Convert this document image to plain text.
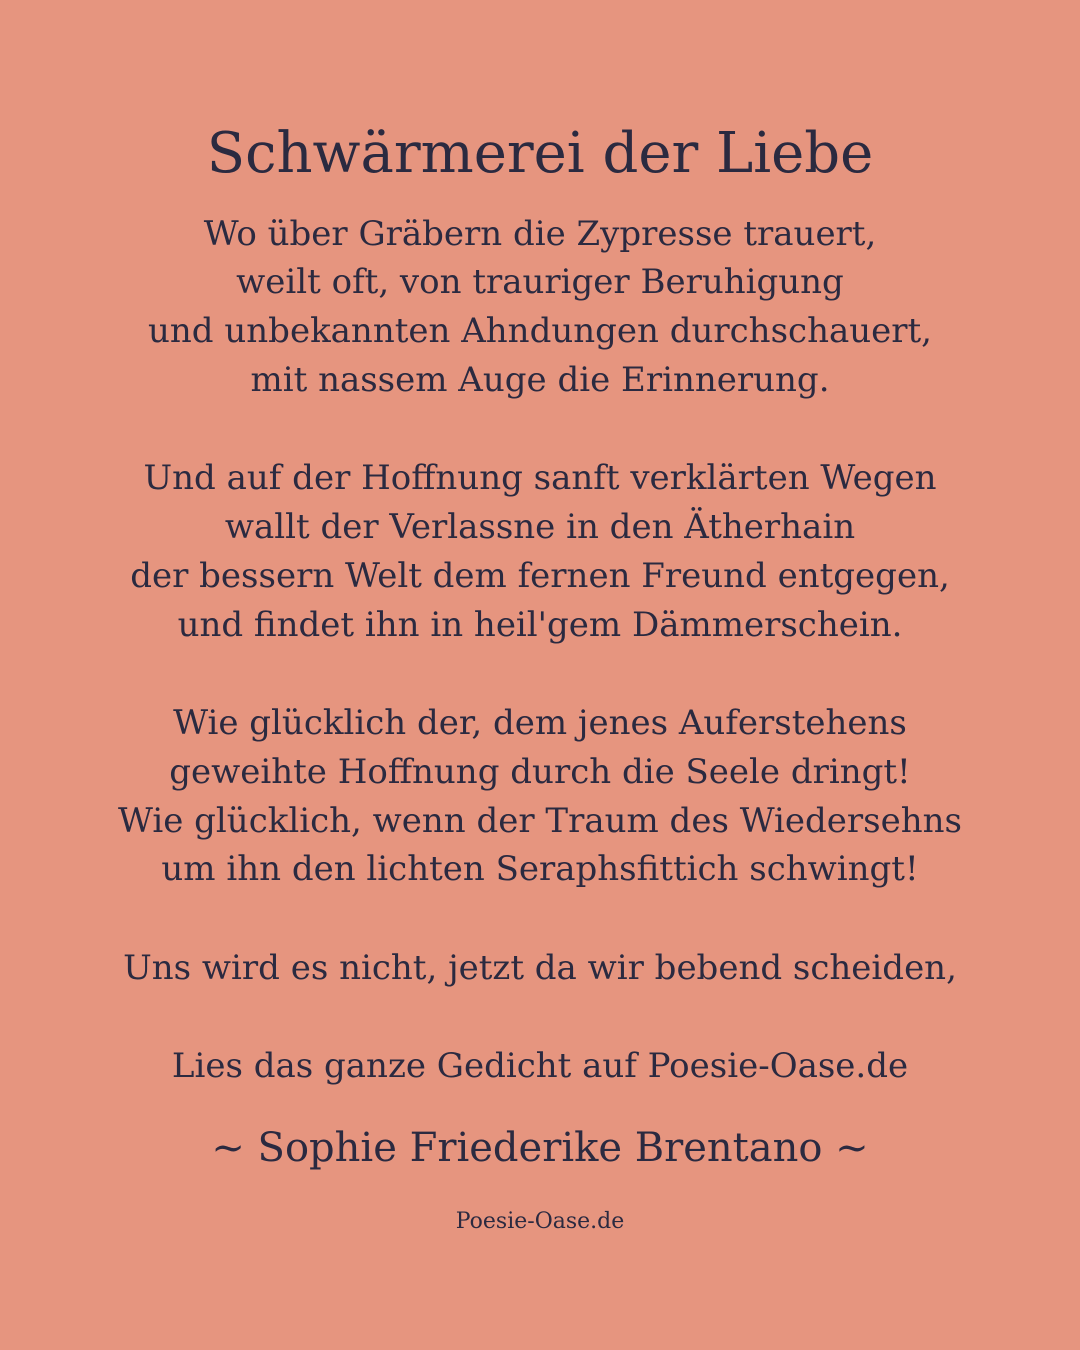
Schwärmerei der Liebe
Wo über Gräbern die Zypresse trauert,
weilt oft, von trauriger Beruhigung
und unbekannten Ahndungen durchschauert,
mit nassem Auge die Erinnerung.
Und auf der Hoffnung sanft verklärten Wegen
wallt der Verlassne in den Ätherhain
der bessern Welt dem fernen Freund entgegen,
und findet ihn in heil'gem Dämmerschein.
Wie glücklich der, dem jenes Auferstehens
geweihte Hoffnung durch die Seele dringt!
Wie glücklich, wenn der Traum des Wiedersehns
um ihn den lichten Seraphsfittich schwingt!
Uns wird es nicht, jetzt da wir bebend scheiden,
Lies das ganze Gedicht auf Poesie-Oase.de
~ Sophie Friederike Brentano ~
Poesie-Oase.de
